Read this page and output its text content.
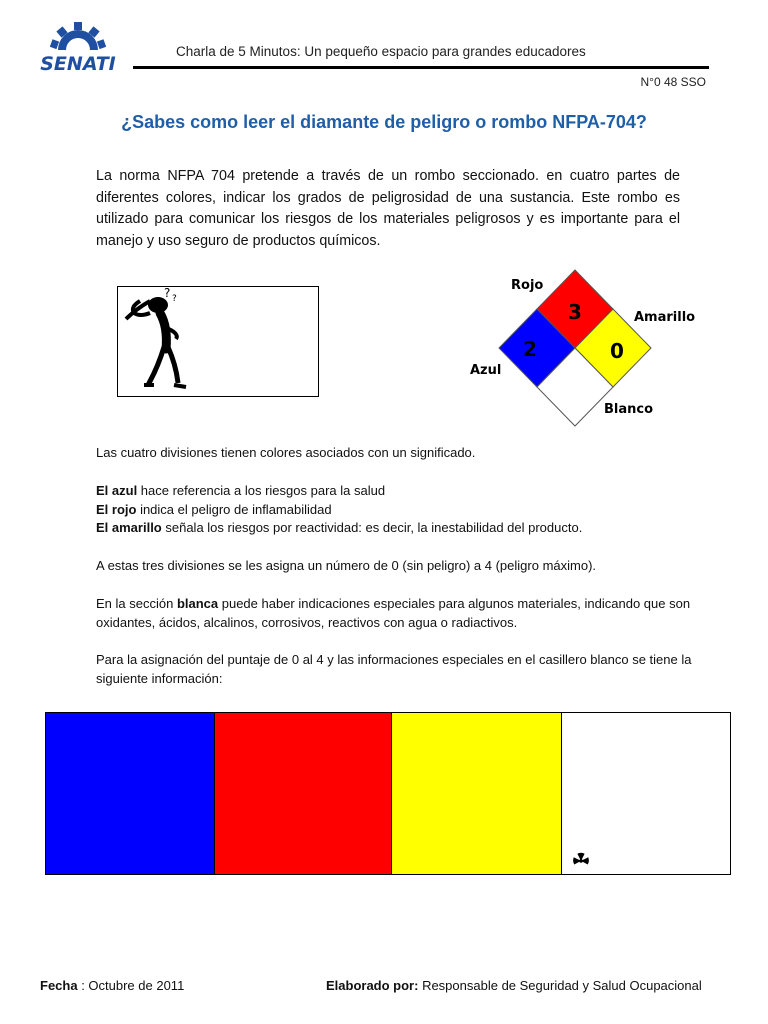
SENATI
Charla de 5 Minutos: Un pequeño espacio para grandes educadores
N°0 48 SSO
¿Sabes como leer el diamante de peligro o rombo NFPA-704?
La norma NFPA 704 pretende a través de un rombo seccionado. en cuatro partes de diferentes colores, indicar los grados de peligrosidad de una sustancia. Este rombo es utilizado para comunicar los riesgos de los materiales peligrosos y es importante para el manejo y uso seguro de productos químicos.
? ?
3
2	0
Rojo
Amarillo
Azul
Blanco
Las cuatro divisiones tienen colores asociados con un significado.
El azul hace referencia a los riesgos para la salud
El rojo indica el peligro de inflamabilidad
El amarillo señala los riesgos por reactividad: es decir, la inestabilidad del producto.
A estas tres divisiones se les asigna un número de 0 (sin peligro) a 4 (peligro máximo).
En la sección blanca puede haber indicaciones especiales para algunos materiales, indicando que son oxidantes, ácidos, alcalinos, corrosivos, reactivos con agua o radiactivos.
Para la asignación del puntaje de 0 al 4 y las informaciones especiales en el casillero blanco se tiene la siguiente información:
Fecha : Octubre de 2011	Elaborado por: Responsable de Seguridad y Salud Ocupacional
